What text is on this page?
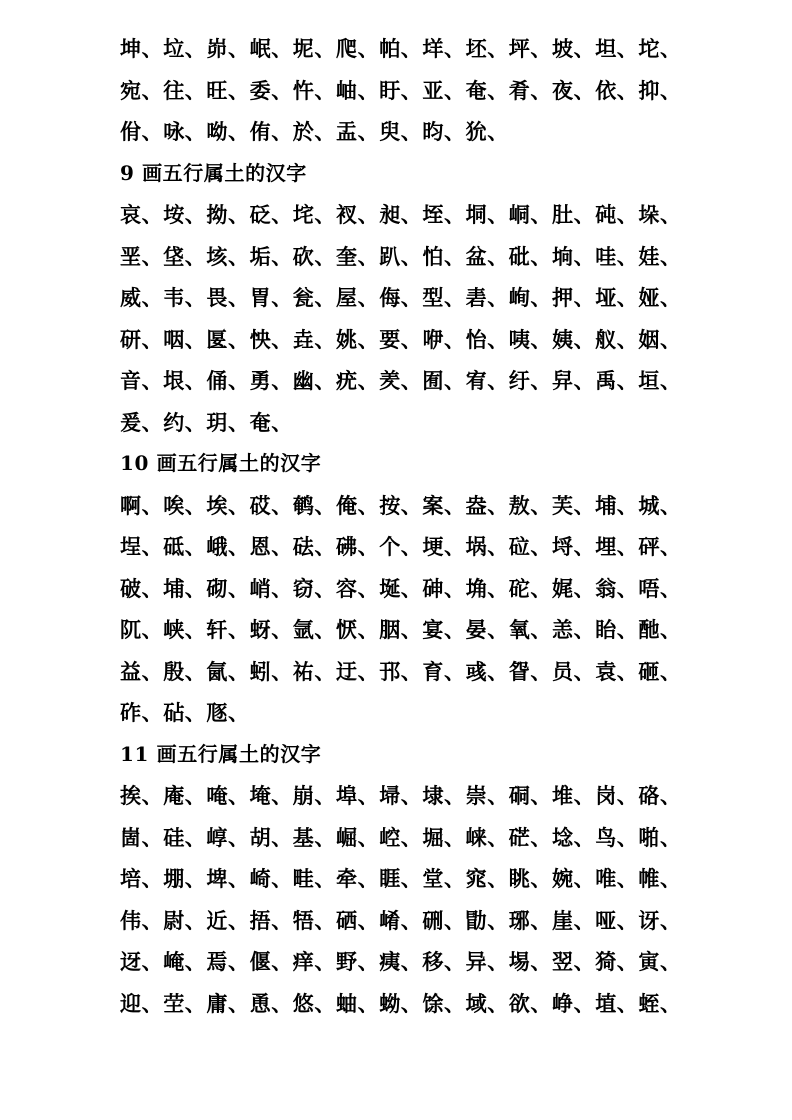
坤、垃、峁、岷、坭、爬、帕、垟、坯、坪、坡、坦、坨、
宛、往、旺、委、忤、岫、盱、亚、奄、肴、夜、依、抑、
佾、咏、呦、侑、於、盂、臾、昀、狁、
9 画五行属土的汉字
哀、垵、拗、砭、垞、衩、昶、垤、垌、峒、肚、砘、垛、
垩、垡、垓、垢、砍、奎、趴、怕、盆、砒、垧、哇、娃、
威、韦、畏、胃、瓮、屋、侮、型、砉、峋、押、垭、娅、
研、咽、匽、怏、垚、姚、要、咿、怡、咦、姨、舣、姻、
音、垠、俑、勇、幽、疣、羑、囿、宥、纡、舁、禹、垣、
爰、约、玥、奄、
10 画五行属土的汉字
啊、唉、埃、砹、鹌、俺、按、案、盎、敖、芙、埔、城、
埕、砥、峨、恩、砝、砩、个、埂、埚、砬、埒、埋、砰、
破、埔、砌、峭、窃、容、埏、砷、埆、砣、娓、翁、唔、
阢、峡、轩、蚜、氩、恹、胭、宴、晏、氧、恙、眙、酏、
益、殷、氤、蚓、祐、迂、邘、育、彧、眢、员、袁、砸、
砟、砧、豗、
11 画五行属土的汉字
挨、庵、唵、埯、崩、埠、埽、埭、崇、硐、堆、岗、硌、
崮、硅、崞、胡、基、崛、崆、堀、崃、硭、埝、鸟、啪、
培、堋、埤、崎、畦、牵、睚、堂、窕、眺、婉、唯、帷、
伟、尉、近、捂、牾、硒、崤、硎、勖、琊、崖、哑、讶、
迓、崦、焉、偃、痒、野、痍、移、异、埸、翌、猗、寅、
迎、茔、庸、恿、悠、蚰、蚴、馀、域、欲、峥、埴、蛭、
